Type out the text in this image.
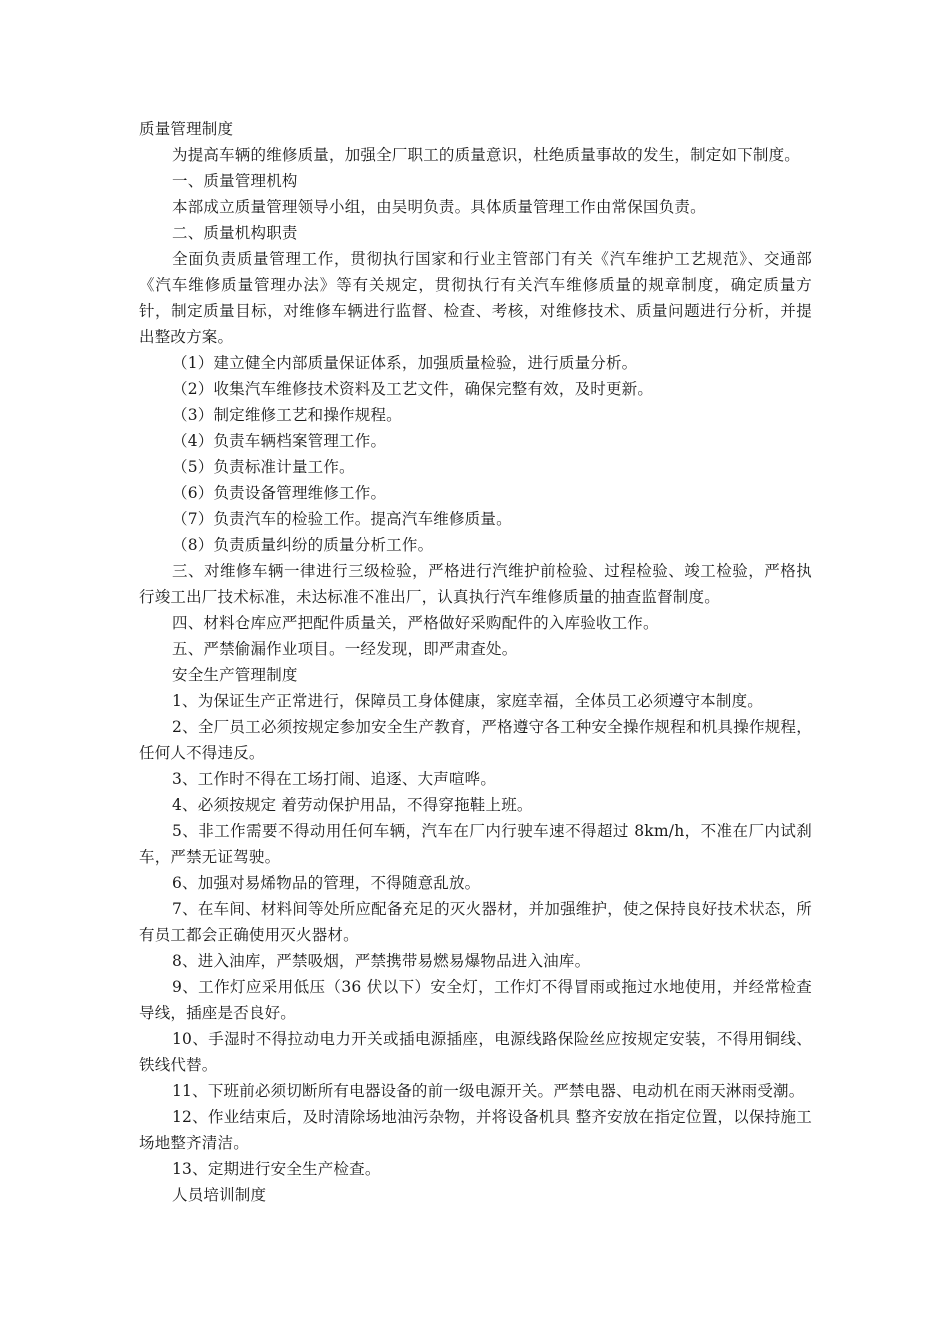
质量管理制度

为提高车辆的维修质量，加强全厂职工的质量意识，杜绝质量事故的发生，制定如下制度。

一、质量管理机构

本部成立质量管理领导小组，由吴明负责。具体质量管理工作由常保国负责。

二、质量机构职责

全面负责质量管理工作，贯彻执行国家和行业主管部门有关《汽车维护工艺规范》、交通部《汽车维修质量管理办法》等有关规定，贯彻执行有关汽车维修质量的规章制度，确定质量方针，制定质量目标，对维修车辆进行监督、检查、考核，对维修技术、质量问题进行分析，并提出整改方案。

（1）建立健全内部质量保证体系，加强质量检验，进行质量分析。

（2）收集汽车维修技术资料及工艺文件，确保完整有效，及时更新。

（3）制定维修工艺和操作规程。

（4）负责车辆档案管理工作。

（5）负责标准计量工作。

（6）负责设备管理维修工作。

（7）负责汽车的检验工作。提高汽车维修质量。

（8）负责质量纠纷的质量分析工作。

三、对维修车辆一律进行三级检验，严格进行汽维护前检验、过程检验、竣工检验，严格执行竣工出厂技术标准，未达标准不准出厂，认真执行汽车维修质量的抽查监督制度。

四、材料仓库应严把配件质量关，严格做好采购配件的入库验收工作。

五、严禁偷漏作业项目。一经发现，即严肃查处。

安全生产管理制度

1、为保证生产正常进行，保障员工身体健康，家庭幸福，全体员工必须遵守本制度。

2、全厂员工必须按规定参加安全生产教育，严格遵守各工种安全操作规程和机具操作规程，任何人不得违反。

3、工作时不得在工场打闹、追逐、大声喧哗。

4、必须按规定 着劳动保护用品，不得穿拖鞋上班。

5、非工作需要不得动用任何车辆，汽车在厂内行驶车速不得超过 8km/h，不准在厂内试刹车，严禁无证驾驶。

6、加强对易烯物品的管理，不得随意乱放。

7、在车间、材料间等处所应配备充足的灭火器材，并加强维护，使之保持良好技术状态，所有员工都会正确使用灭火器材。

8、进入油库，严禁吸烟，严禁携带易燃易爆物品进入油库。

9、工作灯应采用低压（36 伏以下）安全灯，工作灯不得冒雨或拖过水地使用，并经常检查导线，插座是否良好。

10、手湿时不得拉动电力开关或插电源插座，电源线路保险丝应按规定安装，不得用铜线、铁线代替。

11、下班前必须切断所有电器设备的前一级电源开关。严禁电器、电动机在雨天淋雨受潮。

12、作业结束后，及时清除场地油污杂物，并将设备机具 整齐安放在指定位置，以保持施工场地整齐清洁。

13、定期进行安全生产检查。

人员培训制度
